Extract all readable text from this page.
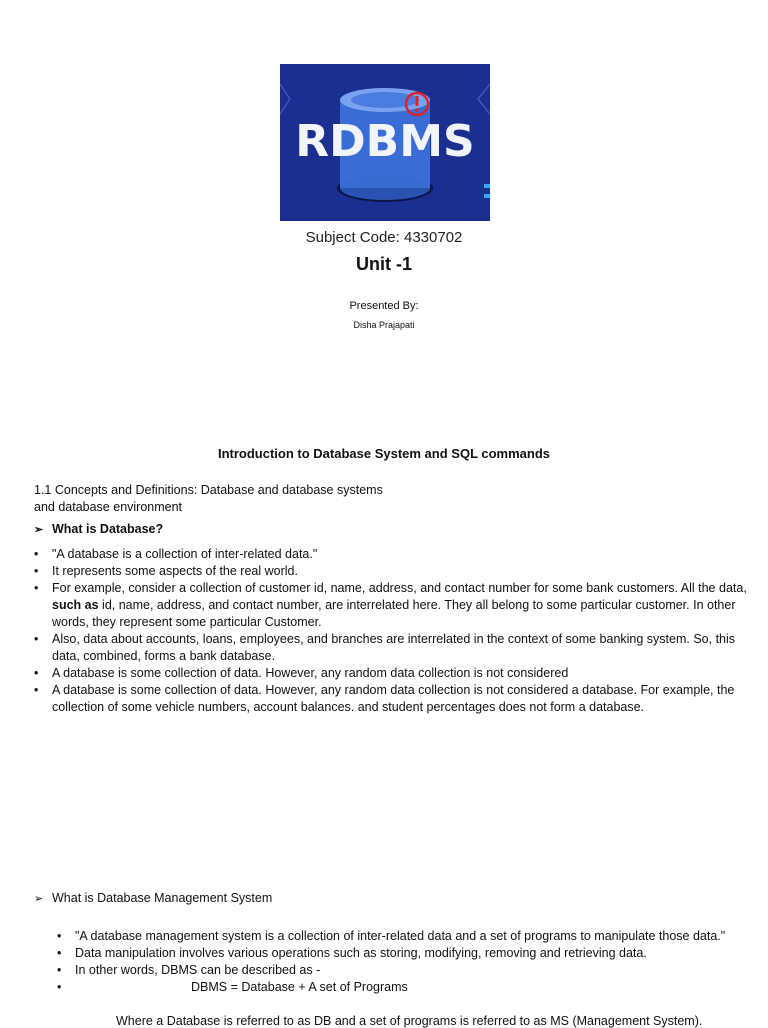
RDBMS
Subject Code: 4330702
Unit -1
Presented By:
Disha Prajapati
Introduction to Database System and SQL commands
1.1 Concepts and Definitions: Database and database systems
and database environment
➢ What is Database?
• "A database is a collection of inter-related data."
• It represents some aspects of the real world.
• For example, consider a collection of customer id, name, address, and contact number for some bank customers. All the data, such as id, name, address, and contact number, are interrelated here. They all belong to some particular customer. In other words, they represent some particular Customer.
• Also, data about accounts, loans, employees, and branches are interrelated in the context of some banking system. So, this data, combined, forms a bank database.
• A database is some collection of data. However, any random data collection is not considered
• A database is some collection of data. However, any random data collection is not considered a database. For example, the collection of some vehicle numbers, account balances. and student percentages does not form a database.
➢ What is Database Management System
• "A database management system is a collection of inter-related data and a set of programs to manipulate those data."
• Data manipulation involves various operations such as storing, modifying, removing and retrieving data.
• In other words, DBMS can be described as -
•	DBMS = Database + A set of Programs
Where a Database is referred to as DB and a set of programs is referred to as MS (Management System).
